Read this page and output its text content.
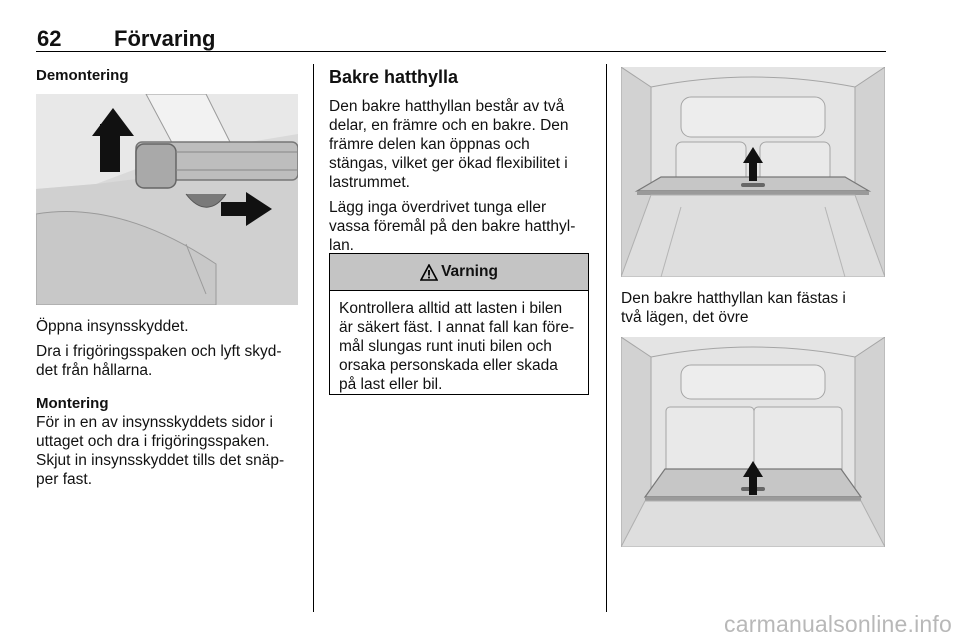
62 Förvaring
Demontering

Öppna insynsskyddet.

Dra i frigöringsspaken och lyft skyd-

det från hållarna.

Montering

För in en av insynsskyddets sidor i

uttaget och dra i frigöringsspaken.

Skjut in insynsskyddet tills det snäp-

per fast.

Bakre hatthylla

Den bakre hatthyllan består av två

delar, en främre och en bakre. Den

främre delen kan öppnas och

stängas, vilket ger ökad flexibilitet i

lastrummet.

Lägg inga överdrivet tunga eller

vassa föremål på den bakre hatthyl-

lan.

Varning
Kontrollera alltid att lasten i bilen
är säkert fäst. I annat fall kan före-
mål slungas runt inuti bilen och
orsaka personskada eller skada
på last eller bil.

Den bakre hatthyllan kan fästas i

två lägen, det övre

carmanualsonline.info
